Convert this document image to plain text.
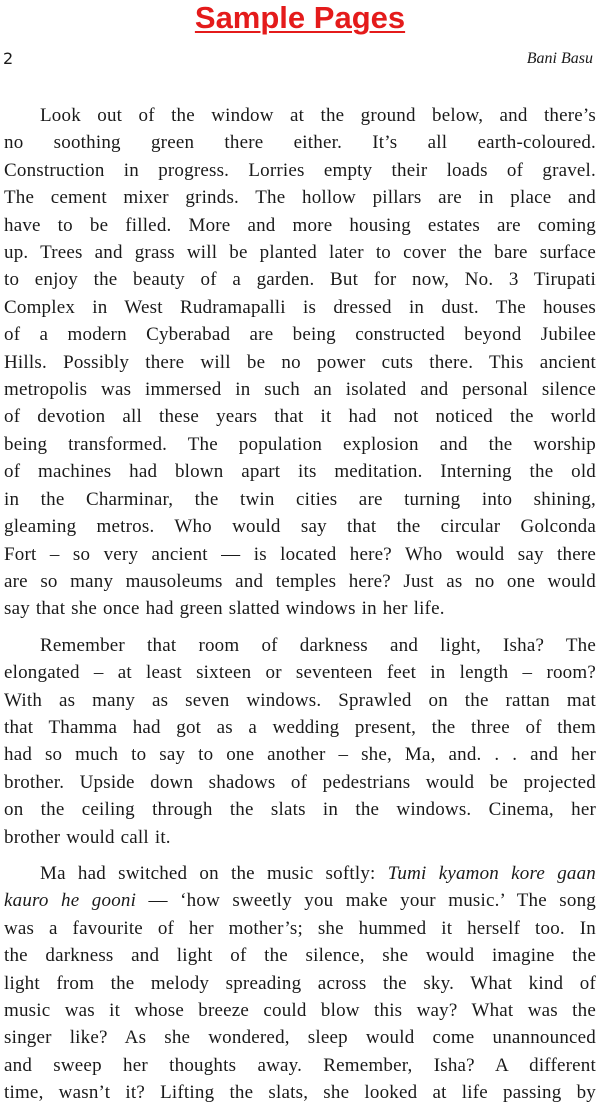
Sample Pages
2	Bani Basu

Look out of the window at the ground below, and there’s
no soothing green there either. It’s all earth-coloured.
Construction in progress. Lorries empty their loads of gravel.
The cement mixer grinds. The hollow pillars are in place and
have to be filled. More and more housing estates are coming
up. Trees and grass will be planted later to cover the bare surface
to enjoy the beauty of a garden. But for now, No. 3 Tirupati
Complex in West Rudramapalli is dressed in dust. The houses
of a modern Cyberabad are being constructed beyond Jubilee
Hills. Possibly there will be no power cuts there. This ancient
metropolis was immersed in such an isolated and personal silence
of devotion all these years that it had not noticed the world
being transformed. The population explosion and the worship
of machines had blown apart its meditation. Interning the old
in the Charminar, the twin cities are turning into shining,
gleaming metros. Who would say that the circular Golconda
Fort – so very ancient — is located here? Who would say there
are so many mausoleums and temples here? Just as no one would
say that she once had green slatted windows in her life.

Remember that room of darkness and light, Isha? The
elongated – at least sixteen or seventeen feet in length – room?
With as many as seven windows. Sprawled on the rattan mat
that Thamma had got as a wedding present, the three of them
had so much to say to one another – she, Ma, and. . . and her
brother. Upside down shadows of pedestrians would be projected
on the ceiling through the slats in the windows. Cinema, her
brother would call it.

Ma had switched on the music softly: Tumi kyamon kore gaan
kauro he gooni — ‘how sweetly you make your music.’ The song
was a favourite of her mother’s; she hummed it herself too. In
the darkness and light of the silence, she would imagine the
light from the melody spreading across the sky. What kind of
music was it whose breeze could blow this way? What was the
singer like? As she wondered, sleep would come unannounced
and sweep her thoughts away. Remember, Isha? A different
time, wasn’t it? Lifting the slats, she looked at life passing by
